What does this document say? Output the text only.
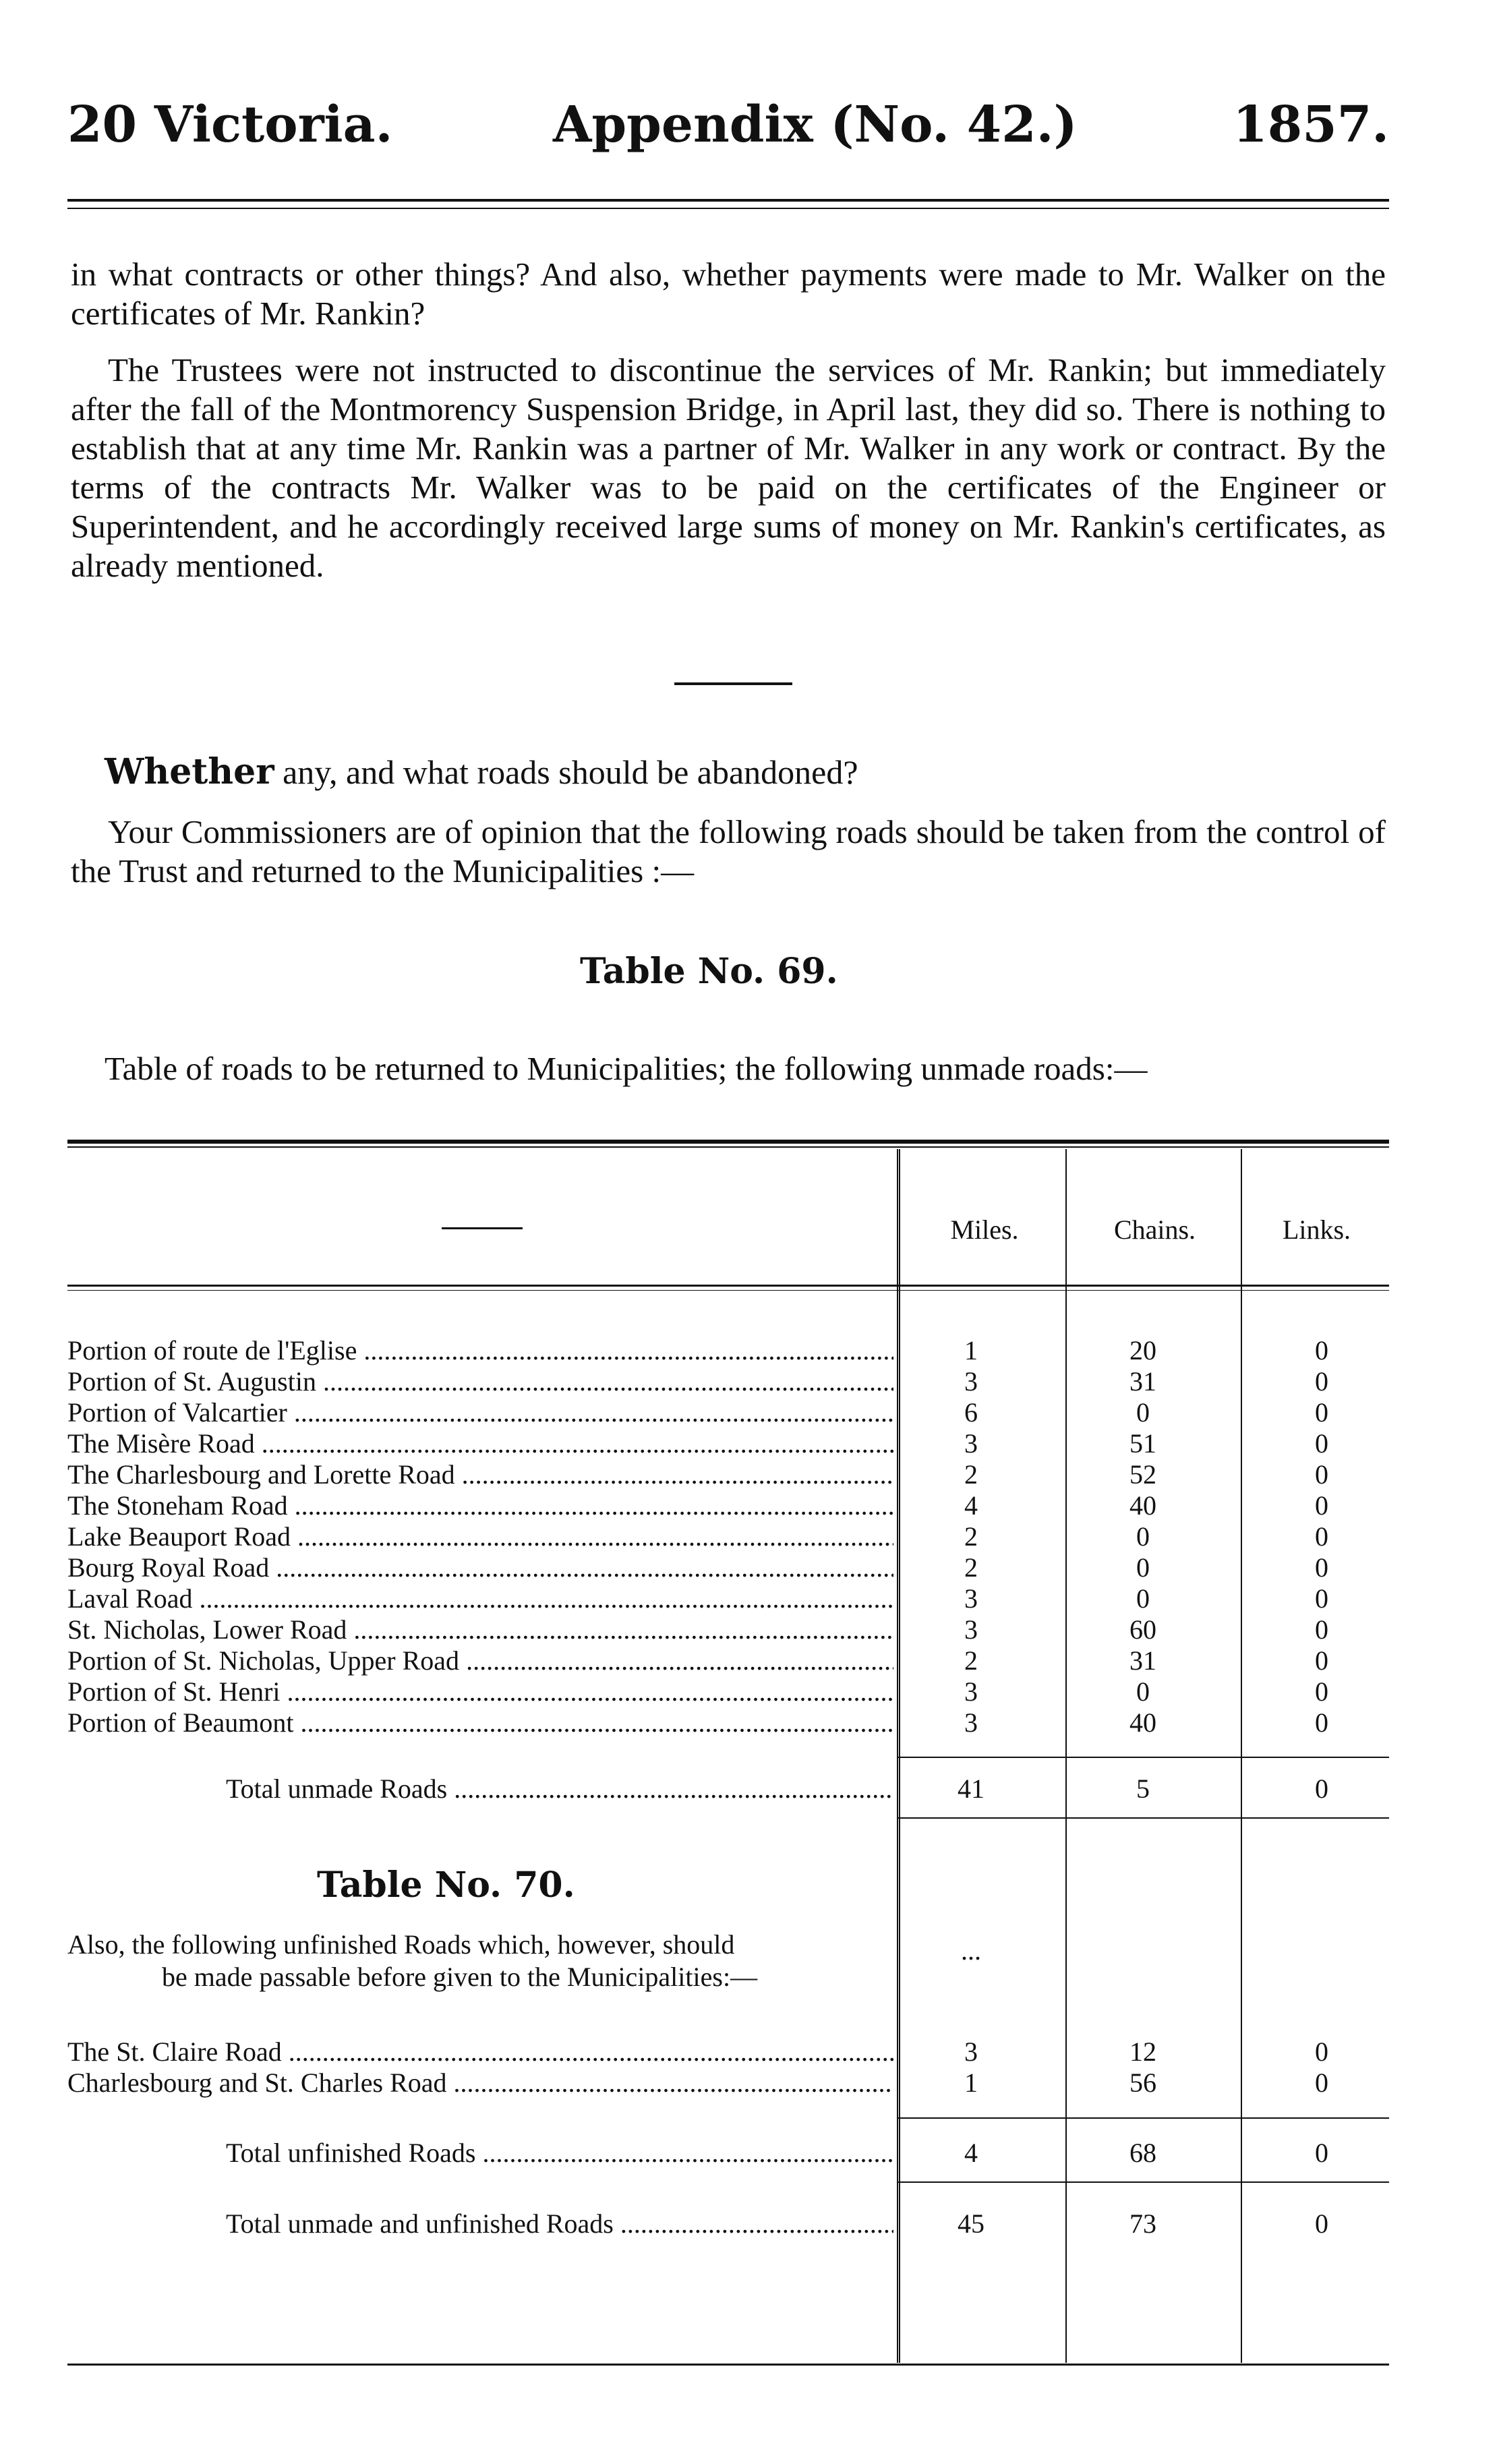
20 Victoria.	Appendix (No. 42.)	1857.

in what contracts or other things? And also, whether payments were made to Mr. Walker on the certificates of Mr. Rankin?

The Trustees were not instructed to discontinue the services of Mr. Rankin; but immediately after the fall of the Montmorency Suspension Bridge, in April last, they did so. There is nothing to establish that at any time Mr. Rankin was a partner of Mr. Walker in any work or contract. By the terms of the contracts Mr. Walker was to be paid on the certificates of the Engineer or Superintendent, and he accordingly received large sums of money on Mr. Rankin's certificates, as already mentioned.

Whether any, and what roads should be abandoned?

Your Commissioners are of opinion that the following roads should be taken from the control of the Trust and returned to the Municipalities :—

Table No. 69.
Table of roads to be returned to Municipalities; the following unmade roads:—
Miles.	Chains.	Links.
Portion of route de l'Eglise .....	1	20	0
Portion of St. Augustin .....	3	31	0
Portion of Valcartier .....	6	0	0
The Misère Road .....	3	51	0
The Charlesbourg and Lorette Road .....	2	52	0
The Stoneham Road .....	4	40	0
Lake Beauport Road .....	2	0	0
Bourg Royal Road .....	2	0	0
Laval Road .....	3	0	0
St. Nicholas, Lower Road .....	3	60	0
Portion of St. Nicholas, Upper Road .....	2	31	0
Portion of St. Henri .....	3	0	0
Portion of Beaumont .....	3	40	0
Total unmade Roads .....	41	5	0
Table No. 70.
Also, the following unfinished Roads which, however, should
be made passable before given to the Municipalities:—
...
The St. Claire Road .....	3	12	0
Charlesbourg and St. Charles Road .....	1	56	0
Total unfinished Roads .....	4	68	0
Total unmade and unfinished Roads .....	45	73	0
